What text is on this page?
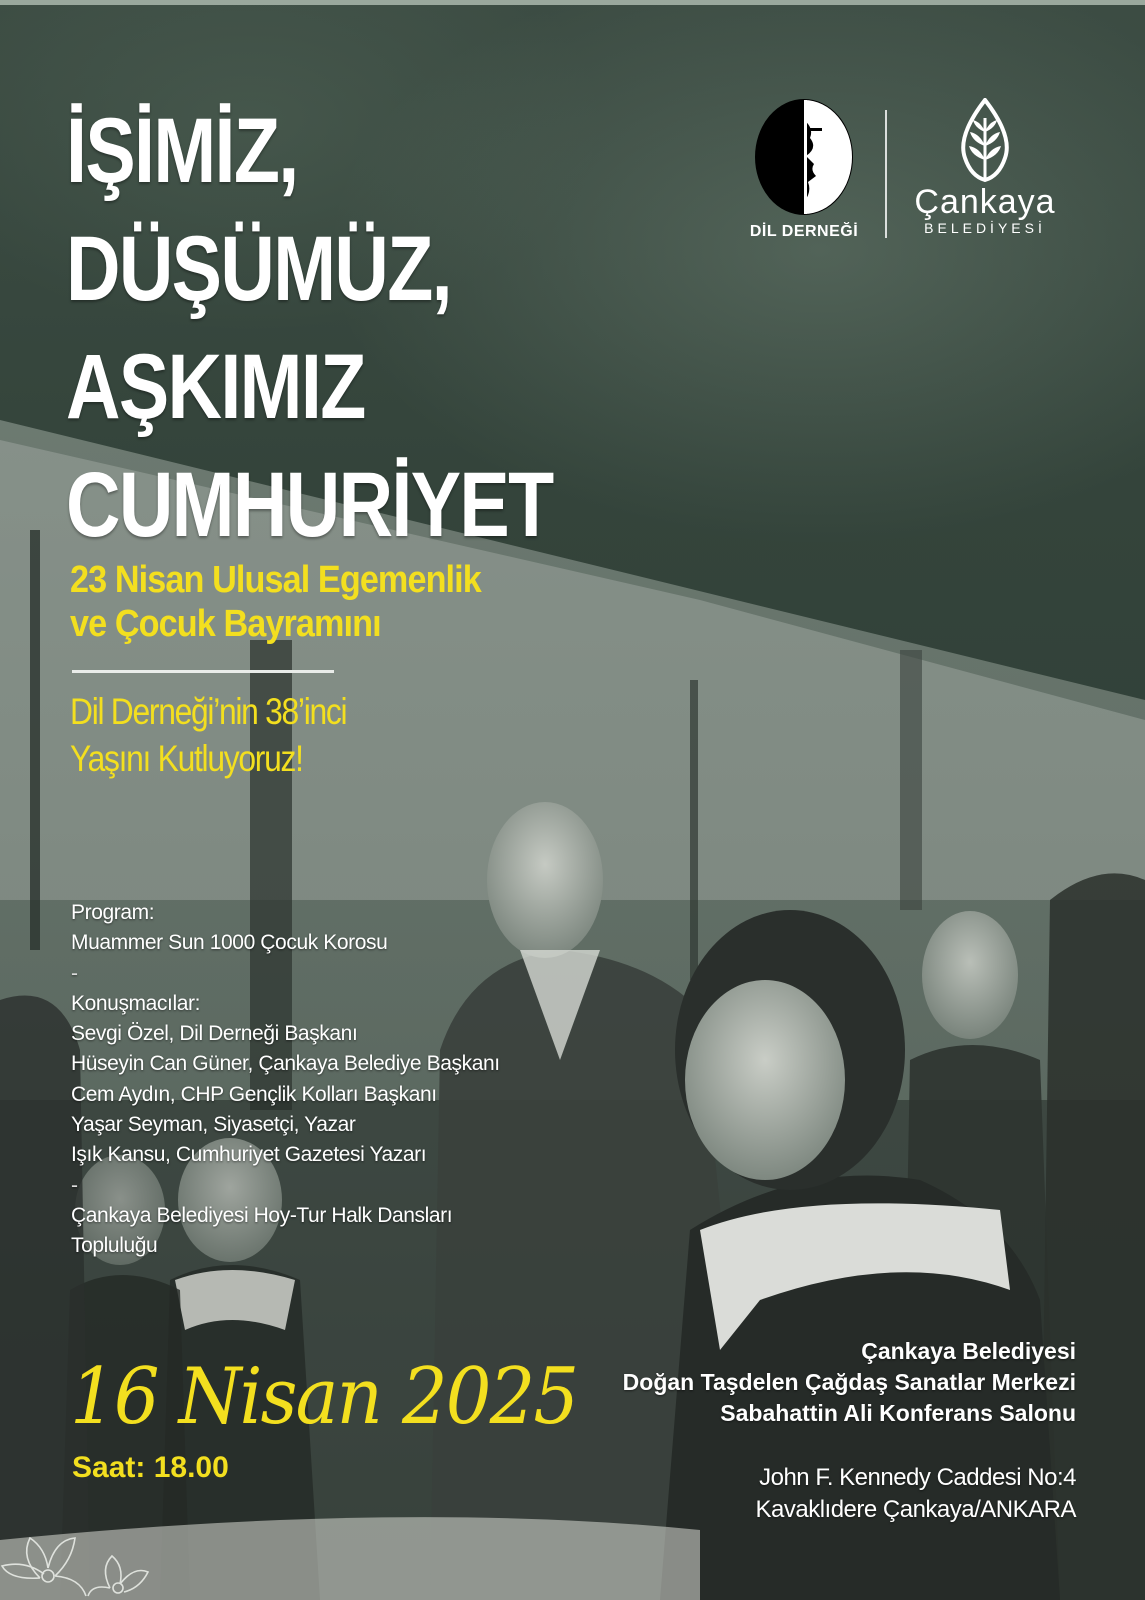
DİL DERNEĞİ
Çankaya
BELEDİYESİ
İŞİMİZ,
DÜŞÜMÜZ,
AŞKIMIZ
CUMHURİYET
23 Nisan Ulusal Egemenlik
ve Çocuk Bayramını
Dil Derneği’nin 38’inci
Yaşını Kutluyoruz!
Program:
Muammer Sun 1000 Çocuk Korosu
-
Konuşmacılar:
Sevgi Özel, Dil Derneği Başkanı
Hüseyin Can Güner, Çankaya Belediye Başkanı
Cem Aydın, CHP Gençlik Kolları Başkanı
Yaşar Seyman, Siyasetçi, Yazar
Işık Kansu, Cumhuriyet Gazetesi Yazarı
-
Çankaya Belediyesi Hoy-Tur Halk Dansları
Topluluğu
16 Nisan 2025
Saat: 18.00
Çankaya Belediyesi
Doğan Taşdelen Çağdaş Sanatlar Merkezi
Sabahattin Ali Konferans Salonu
John F. Kennedy Caddesi No:4
Kavaklıdere Çankaya/ANKARA
